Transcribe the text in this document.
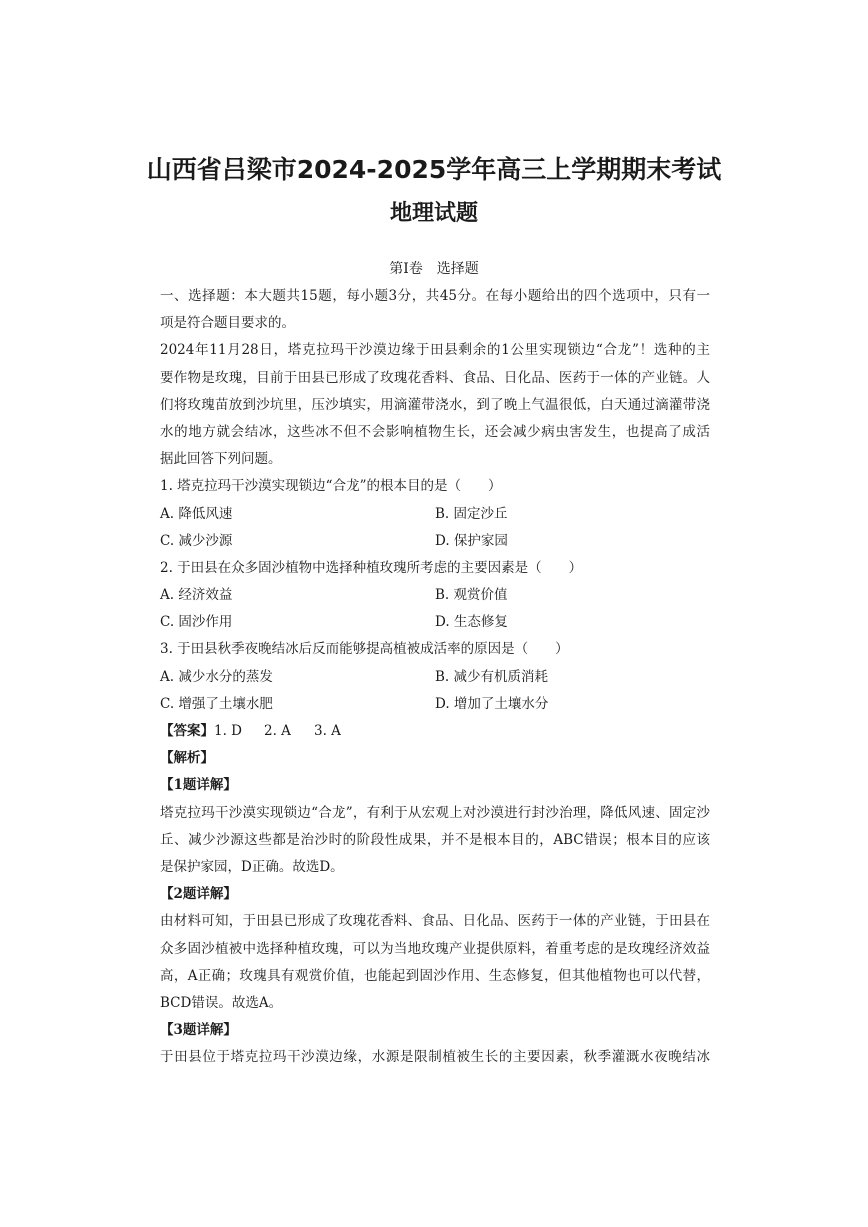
山西省吕梁市2024-2025学年高三上学期期末考试
地理试题
第I卷　选择题
一、选择题：本大题共15题，每小题3分，共45分。在每小题给出的四个选项中，只有一
项是符合题目要求的。
2024年11月28日，塔克拉玛干沙漠边缘于田县剩余的1公里实现锁边“合龙”！选种的主
要作物是玫瑰，目前于田县已形成了玫瑰花香料、食品、日化品、医药于一体的产业链。人
们将玫瑰苗放到沙坑里，压沙填实，用滴灌带浇水，到了晚上气温很低，白天通过滴灌带浇
水的地方就会结冰，这些冰不但不会影响植物生长，还会减少病虫害发生，也提高了成活
据此回答下列问题。
1. 塔克拉玛干沙漠实现锁边“合龙”的根本目的是（　　）
A. 降低风速	B. 固定沙丘
C. 减少沙源	D. 保护家园
2. 于田县在众多固沙植物中选择种植玫瑰所考虑的主要因素是（　　）
A. 经济效益	B. 观赏价值
C. 固沙作用	D. 生态修复
3. 于田县秋季夜晚结冰后反而能够提高植被成活率的原因是（　　）
A. 减少水分的蒸发	B. 减少有机质消耗
C. 增强了土壤水肥	D. 增加了土壤水分
【答案】1. D 2. A 3. A
【解析】
【1题详解】
塔克拉玛干沙漠实现锁边“合龙”，有利于从宏观上对沙漠进行封沙治理，降低风速、固定沙
丘、减少沙源这些都是治沙时的阶段性成果，并不是根本目的，ABC错误；根本目的应该
是保护家园，D正确。故选D。
【2题详解】
由材料可知，于田县已形成了玫瑰花香料、食品、日化品、医药于一体的产业链，于田县在
众多固沙植被中选择种植玫瑰，可以为当地玫瑰产业提供原料，着重考虑的是玫瑰经济效益
高，A正确；玫瑰具有观赏价值，也能起到固沙作用、生态修复，但其他植物也可以代替，
BCD错误。故选A。
【3题详解】
于田县位于塔克拉玛干沙漠边缘，水源是限制植被生长的主要因素，秋季灌溉水夜晚结冰
